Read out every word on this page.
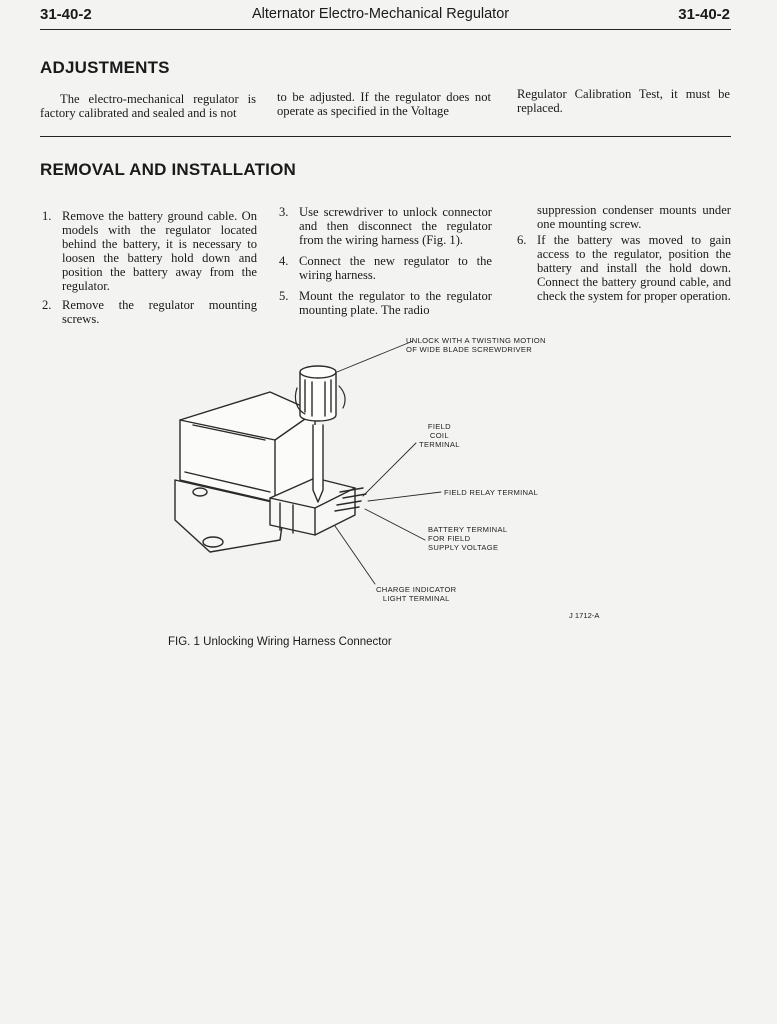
31-40-2	Alternator Electro-Mechanical Regulator	31-40-2
ADJUSTMENTS

The electro-mechanical regulator is factory calibrated and sealed and is not

to be adjusted. If the regulator does not operate as specified in the Voltage

Regulator Calibration Test, it must be replaced.

REMOVAL AND INSTALLATION
1. Remove the battery ground cable. On models with the regulator located behind the battery, it is necessary to loosen the battery hold down and position the battery away from the regulator.
2. Remove the regulator mounting screws.
3. Use screwdriver to unlock connector and then disconnect the regulator from the wiring harness (Fig. 1).
4. Connect the new regulator to the wiring harness.
5. Mount the regulator to the regulator mounting plate. The radio

suppression condenser mounts under one mounting screw.

6. If the battery was moved to gain access to the regulator, position the battery and install the hold down. Connect the battery ground cable, and check the system for proper operation.
UNLOCK WITH A TWISTING MOTION
OF WIDE BLADE SCREWDRIVER
FIELD
COIL
TERMINAL
FIELD RELAY TERMINAL
BATTERY TERMINAL
FOR FIELD
SUPPLY VOLTAGE
CHARGE INDICATOR
LIGHT TERMINAL
J 1712-A
FIG. 1 Unlocking Wiring Harness Connector
